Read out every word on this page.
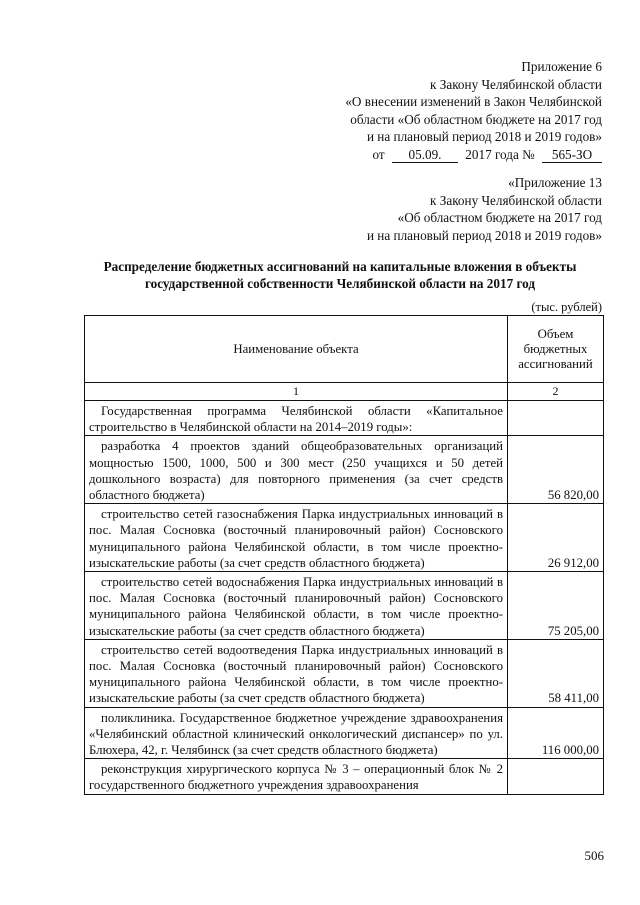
Приложение 6
к Закону Челябинской области
«О внесении изменений в Закон Челябинской
области «Об областном бюджете на 2017 год
и на плановый период 2018 и 2019 годов»
от 05.09. 2017 года № 565-ЗО
«Приложение 13
к Закону Челябинской области
«Об областном бюджете на 2017 год
и на плановый период 2018 и 2019 годов»
Распределение бюджетных ассигнований на капитальные вложения в объекты
государственной собственности Челябинской области на 2017 год
(тыс. рублей)
Наименование объекта	Объем бюджетных ассигнований
1	2
Государственная программа Челябинской области «Капитальное строительство в Челябинской области на 2014–2019 годы»:	
разработка 4 проектов зданий общеобразовательных организаций мощностью 1500, 1000, 500 и 300 мест (250 учащихся и 50 детей дошкольного возраста) для повторного применения (за счет средств областного бюджета)	56 820,00
строительство сетей газоснабжения Парка индустриальных инноваций в пос. Малая Сосновка (восточный планировочный район) Сосновского муниципального района Челябинской области, в том числе проектно-изыскательские работы (за счет средств областного бюджета)	26 912,00
строительство сетей водоснабжения Парка индустриальных инноваций в пос. Малая Сосновка (восточный планировочный район) Сосновского муниципального района Челябинской области, в том числе проектно-изыскательские работы (за счет средств областного бюджета)	75 205,00
строительство сетей водоотведения Парка индустриальных инноваций в пос. Малая Сосновка (восточный планировочный район) Сосновского муниципального района Челябинской области, в том числе проектно-изыскательские работы (за счет средств областного бюджета)	58 411,00
поликлиника. Государственное бюджетное учреждение здравоохранения «Челябинский областной клинический онкологический диспансер» по ул. Блюхера, 42, г. Челябинск (за счет средств областного бюджета)	116 000,00
реконструкция хирургического корпуса № 3 – операционный блок № 2 государственного бюджетного учреждения здравоохранения	
506
